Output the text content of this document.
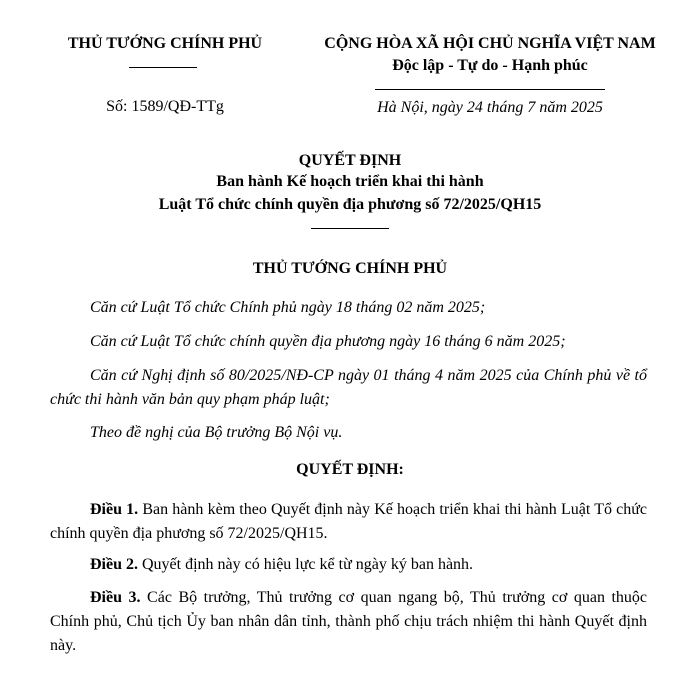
THỦ TƯỚNG CHÍNH PHỦ
Số: 1589/QĐ-TTg
CỘNG HÒA XÃ HỘI CHỦ NGHĨA VIỆT NAM
Độc lập - Tự do - Hạnh phúc
Hà Nội, ngày 24 tháng 7 năm 2025
QUYẾT ĐỊNH
Ban hành Kế hoạch triển khai thi hành
Luật Tổ chức chính quyền địa phương số 72/2025/QH15
THỦ TƯỚNG CHÍNH PHỦ
Căn cứ Luật Tổ chức Chính phủ ngày 18 tháng 02 năm 2025;
Căn cứ Luật Tổ chức chính quyền địa phương ngày 16 tháng 6 năm 2025;
Căn cứ Nghị định số 80/2025/NĐ-CP ngày 01 tháng 4 năm 2025 của Chính phủ về tổ chức thi hành văn bản quy phạm pháp luật;
Theo đề nghị của Bộ trưởng Bộ Nội vụ.
QUYẾT ĐỊNH:
Điều 1. Ban hành kèm theo Quyết định này Kế hoạch triển khai thi hành Luật Tổ chức chính quyền địa phương số 72/2025/QH15.
Điều 2. Quyết định này có hiệu lực kể từ ngày ký ban hành.
Điều 3. Các Bộ trưởng, Thủ trưởng cơ quan ngang bộ, Thủ trưởng cơ quan thuộc Chính phủ, Chủ tịch Ủy ban nhân dân tỉnh, thành phố chịu trách nhiệm thi hành Quyết định này.
